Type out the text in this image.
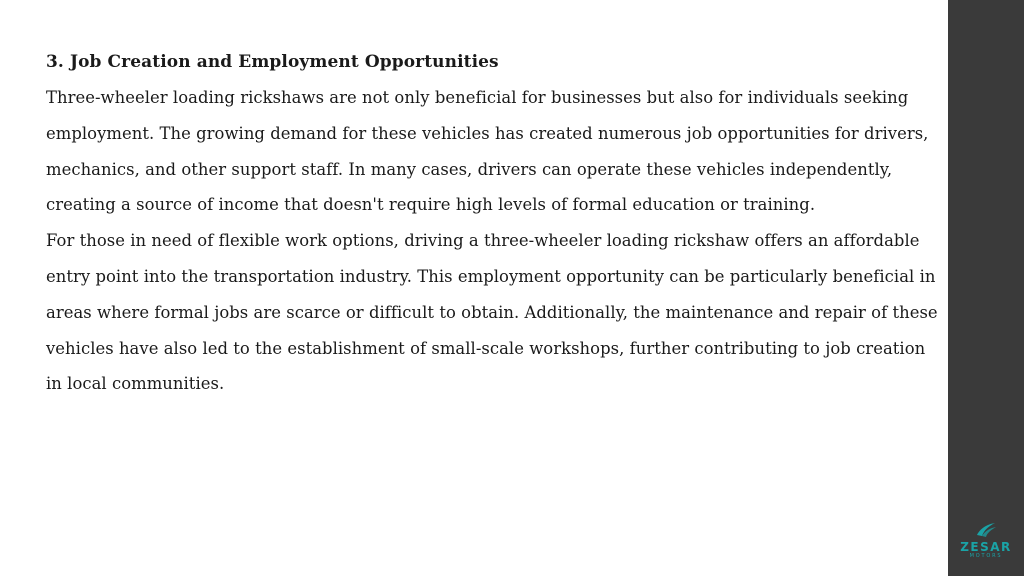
3. Job Creation and Employment Opportunities

Three-wheeler loading rickshaws are not only beneficial for businesses but also for individuals seeking employment. The growing demand for these vehicles has created numerous job opportunities for drivers, mechanics, and other support staff. In many cases, drivers can operate these vehicles independently, creating a source of income that doesn't require high levels of formal education or training.

For those in need of flexible work options, driving a three-wheeler loading rickshaw offers an affordable entry point into the transportation industry. This employment opportunity can be particularly beneficial in areas where formal jobs are scarce or difficult to obtain. Additionally, the maintenance and repair of these vehicles have also led to the establishment of small-scale workshops, further contributing to job creation in local communities.

ZESAR
MOTORS
